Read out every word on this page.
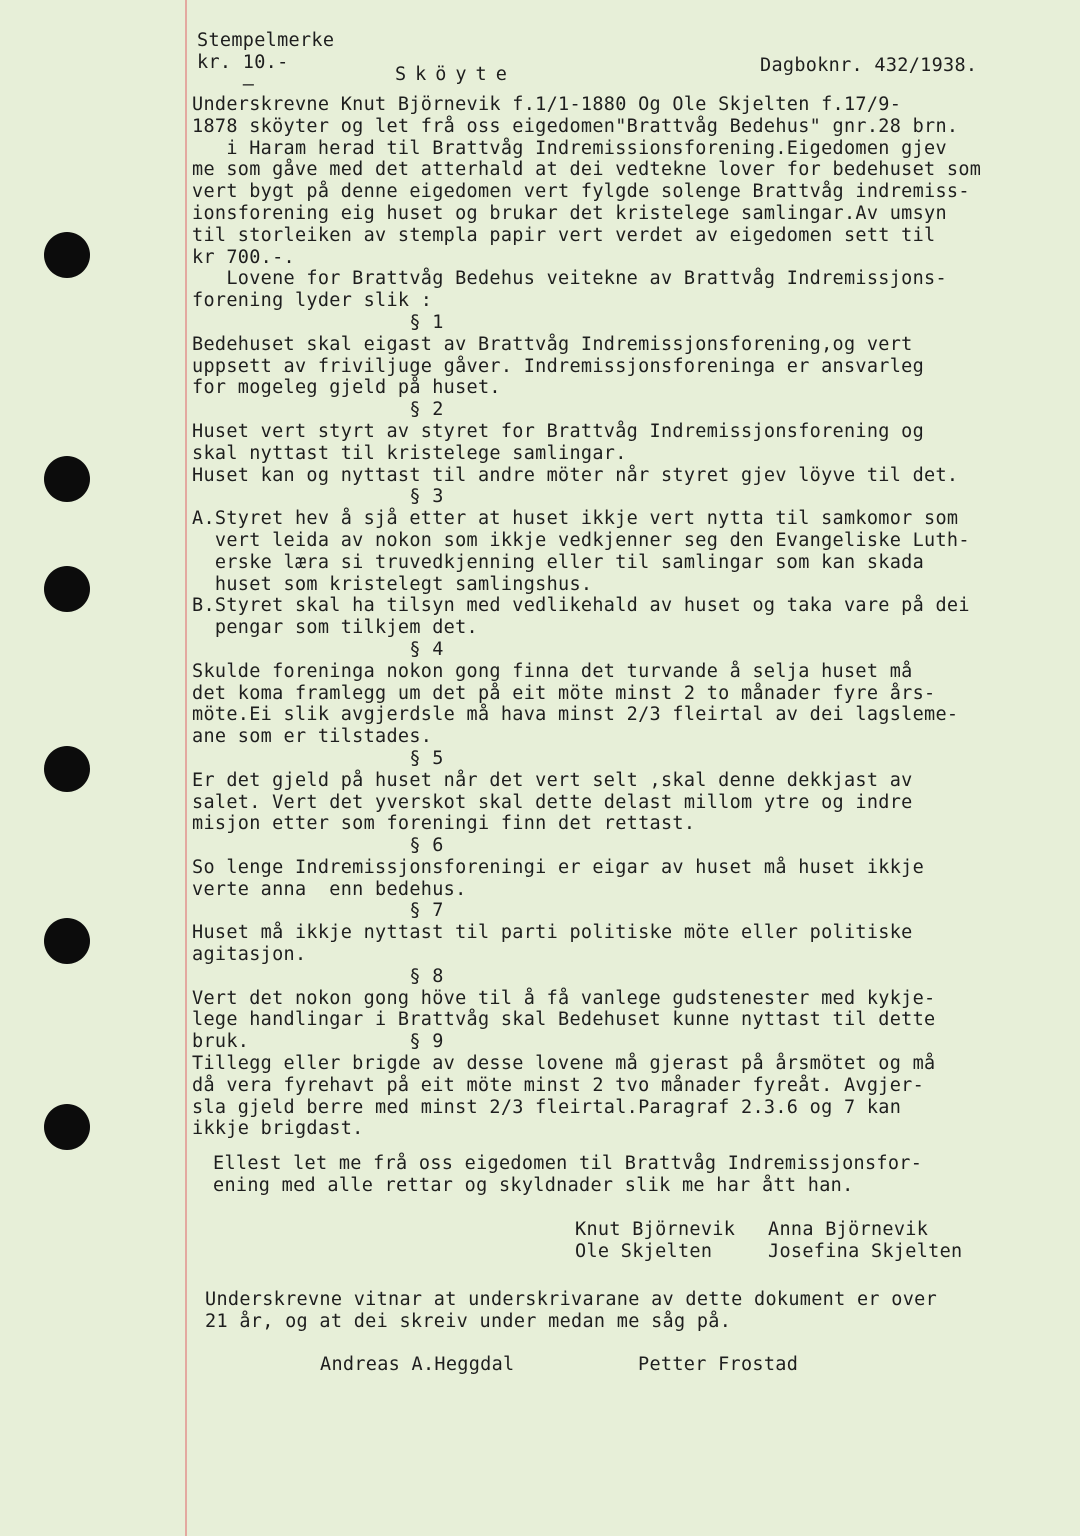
Stempelmerke
kr. 10.-
—

Dagboknr. 432/1938.

Sköyte

Underskrevne Knut Björnevik f.1/1-1880 Og Ole Skjelten f.17/9-
1878 sköyter og let frå oss eigedomen"Brattvåg Bedehus" gnr.28 brn.
i Haram herad til Brattvåg Indremissionsforening.Eigedomen gjev
me som gåve med det atterhald at dei vedtekne lover for bedehuset som
vert bygt på denne eigedomen vert fylgde solenge Brattvåg indremiss-
ionsforening eig huset og brukar det kristelege samlingar.Av umsyn
til storleiken av stempla papir vert verdet av eigedomen sett til
kr 700.-.
Lovene for Brattvåg Bedehus veitekne av Brattvåg Indremissjons-
forening lyder slik :
§ 1
Bedehuset skal eigast av Brattvåg Indremissjonsforening,og vert
uppsett av friviljuge gåver. Indremissjonsforeninga er ansvarleg
for mogeleg gjeld på huset.
§ 2
Huset vert styrt av styret for Brattvåg Indremissjonsforening og
skal nyttast til kristelege samlingar.
Huset kan og nyttast til andre möter når styret gjev löyve til det.
§ 3
A.Styret hev å sjå etter at huset ikkje vert nytta til samkomor som
vert leida av nokon som ikkje vedkjenner seg den Evangeliske Luth-
erske læra si truvedkjenning eller til samlingar som kan skada
huset som kristelegt samlingshus.
B.Styret skal ha tilsyn med vedlikehald av huset og taka vare på dei
pengar som tilkjem det.
§ 4
Skulde foreninga nokon gong finna det turvande å selja huset må
det koma framlegg um det på eit möte minst 2 to månader fyre års-
möte.Ei slik avgjerdsle må hava minst 2/3 fleirtal av dei lagsleme-
ane som er tilstades.
§ 5
Er det gjeld på huset når det vert selt ,skal denne dekkjast av
salet. Vert det yverskot skal dette delast millom ytre og indre
misjon etter som foreningi finn det rettast.
§ 6
So lenge Indremissjonsforeningi er eigar av huset må huset ikkje
verte anna  enn bedehus.
§ 7
Huset må ikkje nyttast til parti politiske möte eller politiske
agitasjon.
§ 8
Vert det nokon gong höve til å få vanlege gudstenester med kykje-
lege handlingar i Brattvåg skal Bedehuset kunne nyttast til dette
bruk.              § 9
Tillegg eller brigde av desse lovene må gjerast på årsmötet og må
då vera fyrehavt på eit möte minst 2 tvo månader fyreåt. Avgjer-
sla gjeld berre med minst 2/3 fleirtal.Paragraf 2.3.6 og 7 kan
ikkje brigdast.

Ellest let me frå oss eigedomen til Brattvåg Indremissjonsfor-
ening med alle rettar og skyldnader slik me har ått han.

Knut Björnevik
Ole Skjelten

Anna Björnevik
Josefina Skjelten

Underskrevne vitnar at underskrivarane av dette dokument er over
21 år, og at dei skreiv under medan me såg på.

Andreas A.Heggdal	Petter Frostad
